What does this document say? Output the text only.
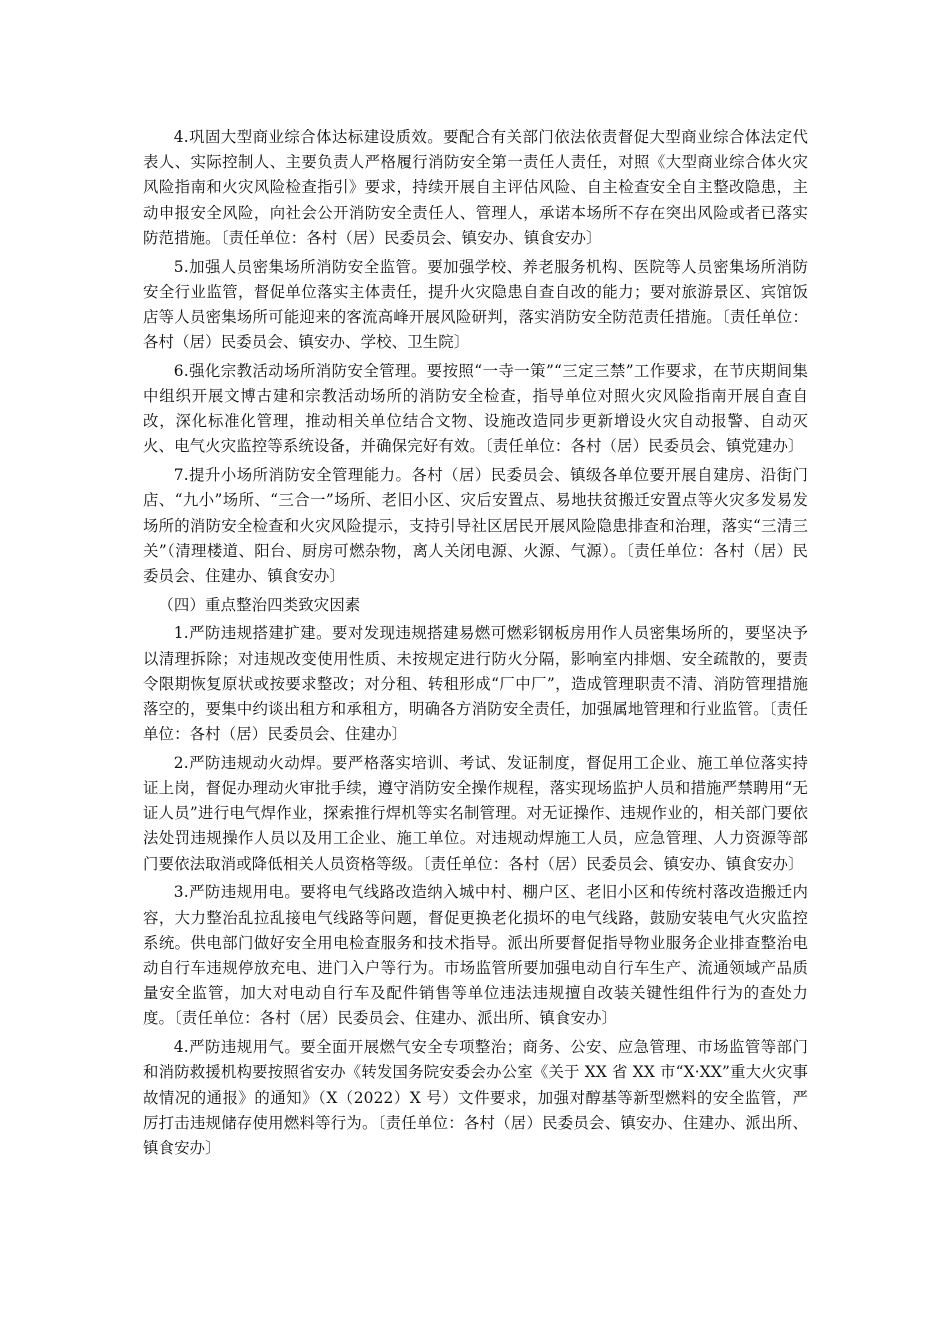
4.巩固大型商业综合体达标建设质效。要配合有关部门依法依责督促大型商业综合体法定代表人、实际控制人、主要负责人严格履行消防安全第一责任人责任，对照《大型商业综合体火灾风险指南和火灾风险检查指引》要求，持续开展自主评估风险、自主检查安全自主整改隐患，主动申报安全风险，向社会公开消防安全责任人、管理人，承诺本场所不存在突出风险或者已落实防范措施。〔责任单位：各村（居）民委员会、镇安办、镇食安办〕

5.加强人员密集场所消防安全监管。要加强学校、养老服务机构、医院等人员密集场所消防安全行业监管，督促单位落实主体责任，提升火灾隐患自查自改的能力；要对旅游景区、宾馆饭店等人员密集场所可能迎来的客流高峰开展风险研判，落实消防安全防范责任措施。〔责任单位：各村（居）民委员会、镇安办、学校、卫生院〕

6.强化宗教活动场所消防安全管理。要按照“一寺一策”“三定三禁”工作要求，在节庆期间集中组织开展文博古建和宗教活动场所的消防安全检查，指导单位对照火灾风险指南开展自查自改，深化标准化管理，推动相关单位结合文物、设施改造同步更新增设火灾自动报警、自动灭火、电气火灾监控等系统设备，并确保完好有效。〔责任单位：各村（居）民委员会、镇党建办〕

7.提升小场所消防安全管理能力。各村（居）民委员会、镇级各单位要开展自建房、沿街门店、“九小”场所、“三合一”场所、老旧小区、灾后安置点、易地扶贫搬迁安置点等火灾多发易发场所的消防安全检查和火灾风险提示，支持引导社区居民开展风险隐患排查和治理，落实“三清三关”（清理楼道、阳台、厨房可燃杂物，离人关闭电源、火源、气源）。〔责任单位：各村（居）民委员会、住建办、镇食安办〕

（四）重点整治四类致灾因素

1.严防违规搭建扩建。要对发现违规搭建易燃可燃彩钢板房用作人员密集场所的，要坚决予以清理拆除；对违规改变使用性质、未按规定进行防火分隔，影响室内排烟、安全疏散的，要责令限期恢复原状或按要求整改；对分租、转租形成“厂中厂”，造成管理职责不清、消防管理措施落空的，要集中约谈出租方和承租方，明确各方消防安全责任，加强属地管理和行业监管。〔责任单位：各村（居）民委员会、住建办〕

2.严防违规动火动焊。要严格落实培训、考试、发证制度，督促用工企业、施工单位落实持证上岗，督促办理动火审批手续，遵守消防安全操作规程，落实现场监护人员和措施严禁聘用“无证人员”进行电气焊作业，探索推行焊机等实名制管理。对无证操作、违规作业的，相关部门要依法处罚违规操作人员以及用工企业、施工单位。对违规动焊施工人员，应急管理、人力资源等部门要依法取消或降低相关人员资格等级。〔责任单位：各村（居）民委员会、镇安办、镇食安办〕

3.严防违规用电。要将电气线路改造纳入城中村、棚户区、老旧小区和传统村落改造搬迁内容，大力整治乱拉乱接电气线路等问题，督促更换老化损坏的电气线路，鼓励安装电气火灾监控系统。供电部门做好安全用电检查服务和技术指导。派出所要督促指导物业服务企业排查整治电动自行车违规停放充电、进门入户等行为。市场监管所要加强电动自行车生产、流通领域产品质量安全监管，加大对电动自行车及配件销售等单位违法违规擅自改装关键性组件行为的查处力度。〔责任单位：各村（居）民委员会、住建办、派出所、镇食安办〕

4.严防违规用气。要全面开展燃气安全专项整治；商务、公安、应急管理、市场监管等部门和消防救援机构要按照省安办《转发国务院安委会办公室《关于 XX 省 XX 市“X·XX”重大火灾事故情况的通报》的通知》（X（2022）X 号）文件要求，加强对醇基等新型燃料的安全监管，严厉打击违规储存使用燃料等行为。〔责任单位：各村（居）民委员会、镇安办、住建办、派出所、镇食安办〕
